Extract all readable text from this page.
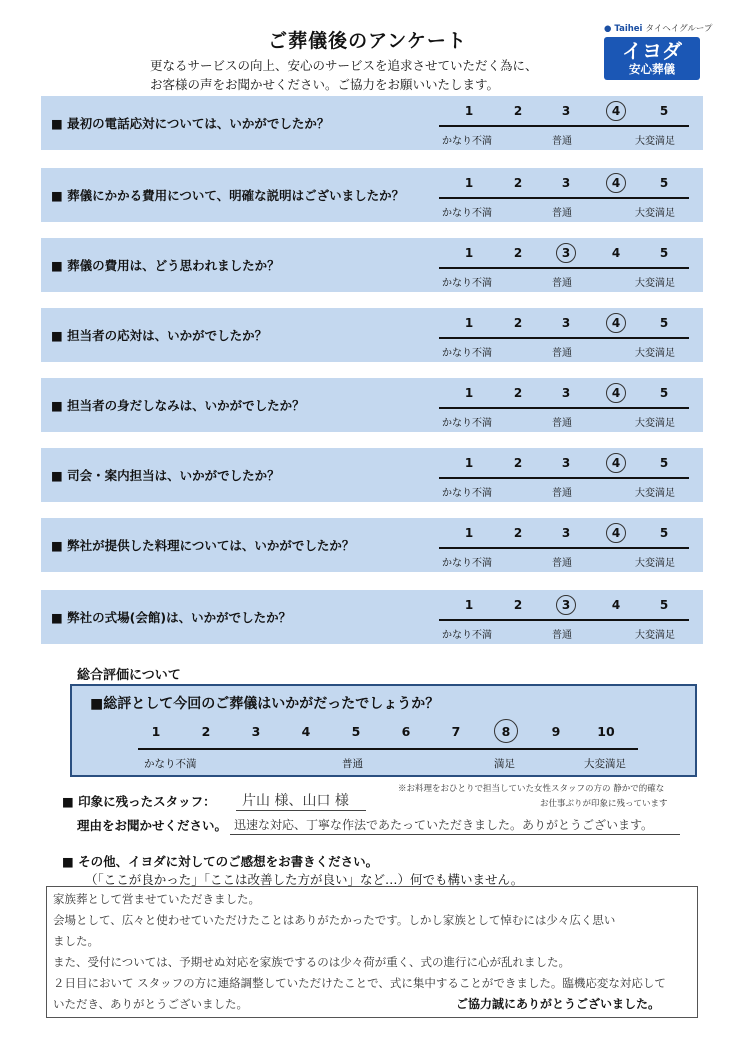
ご葬儀後のアンケート
更なるサービスの向上、安心のサービスを追求させていただく為に、
お客様の声をお聞かせください。ご協力をお願いいたします。
● Taihei タイヘイグループ
イヨダ
安心葬儀
■ 最初の電話応対については、いかがでしたか？
1	2	3	4	5
かなり不満	普通	大変満足
■ 葬儀にかかる費用について、明確な説明はございましたか？
1	2	3	4	5
かなり不満	普通	大変満足
■ 葬儀の費用は、どう思われましたか？
1	2	3	4	5
かなり不満	普通	大変満足
■ 担当者の応対は、いかがでしたか？
1	2	3	4	5
かなり不満	普通	大変満足
■ 担当者の身だしなみは、いかがでしたか？
1	2	3	4	5
かなり不満	普通	大変満足
■ 司会・案内担当は、いかがでしたか？
1	2	3	4	5
かなり不満	普通	大変満足
■ 弊社が提供した料理については、いかがでしたか？
1	2	3	4	5
かなり不満	普通	大変満足
■ 弊社の式場(会館)は、いかがでしたか？
1	2	3	4	5
かなり不満	普通	大変満足
総合評価について
■総評として今回のご葬儀はいかがだったでしょうか？
1	2	3	4	5	6	7	8	9	10
かなり不満	普通	満足	大変満足
■ 印象に残ったスタッフ： 片山 様、山口 様
※お料理をおひとりで担当していた女性スタッフの方の 静かで的確な
お仕事ぶりが印象に残っています
理由をお聞かせください。 迅速な対応、丁寧な作法であたっていただきました。ありがとうございます。
■ その他、イヨダに対してのご感想をお書きください。
（「ここが良かった」「ここは改善した方が良い」など…）何でも構いません。
家族葬として営ませていただきました。
会場として、広々と使わせていただけたことはありがたかったです。しかし家族として悼むには少々広く思い
ました。
また、受付については、予期せぬ対応を家族でするのは少々荷が重く、式の進行に心が乱れました。
２日目において スタッフの方に連絡調整していただけたことで、式に集中することができました。臨機応変な対応して
いただき、ありがとうございました。	ご協力誠にありがとうございました。
